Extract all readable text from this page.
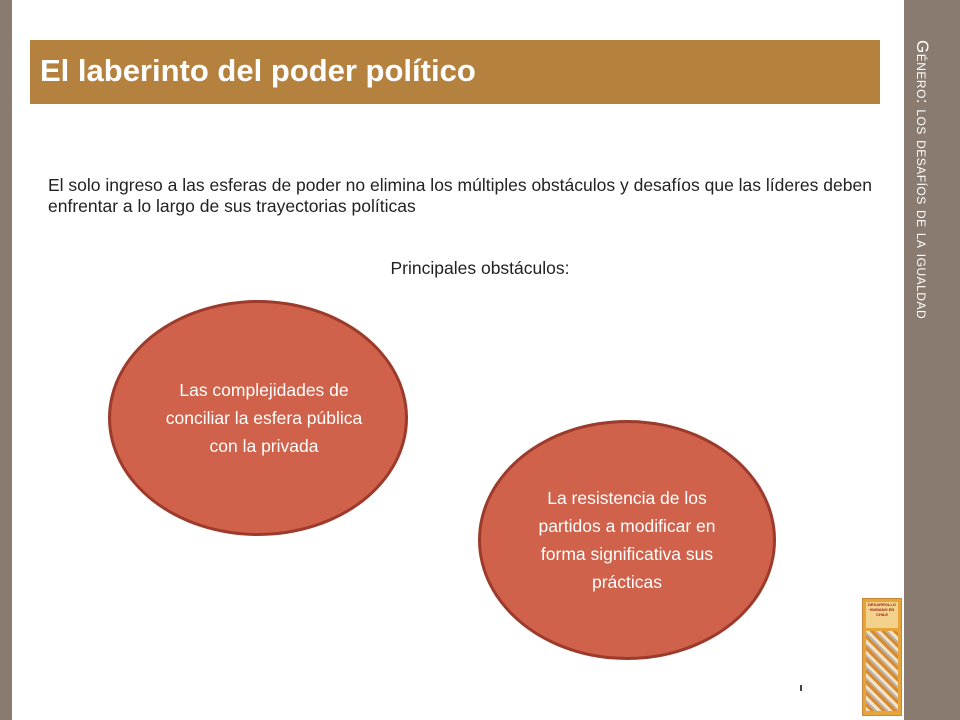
Género: los desafíos de la igualdad
El laberinto del poder político
El solo ingreso a las esferas de poder no elimina los múltiples obstáculos y desafíos que las líderes deben enfrentar a lo largo de sus trayectorias políticas
Principales obstáculos:
Las complejidades de conciliar la esfera pública con la privada
La resistencia de los partidos a modificar en forma significativa sus prácticas
DESARROLLO HUMANO EN CHILE
